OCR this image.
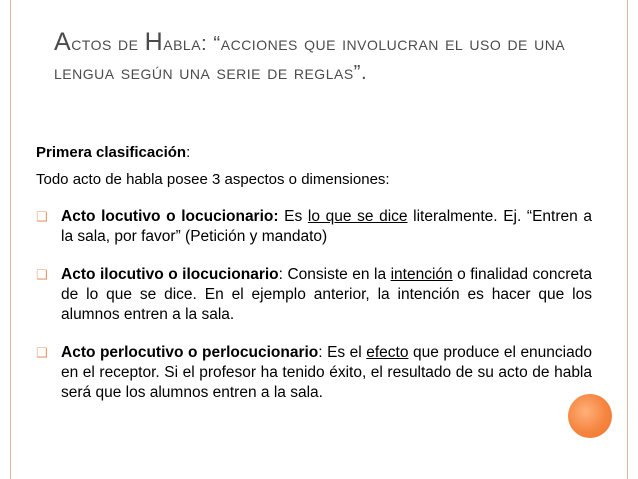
Actos de Habla: “acciones que involucran el uso de una lengua según una serie de reglas”.
Primera clasificación:
Todo acto de habla posee 3 aspectos o dimensiones:
❑ Acto locutivo o locucionario: Es lo que se dice literalmente. Ej. “Entren a la sala, por favor” (Petición y mandato)
❑ Acto ilocutivo o ilocucionario: Consiste en la intención o finalidad concreta de lo que se dice. En el ejemplo anterior, la intención es hacer que los alumnos entren a la sala.
❑ Acto perlocutivo o perlocucionario: Es el efecto que produce el enunciado en el receptor. Si el profesor ha tenido éxito, el resultado de su acto de habla será que los alumnos entren a la sala.
